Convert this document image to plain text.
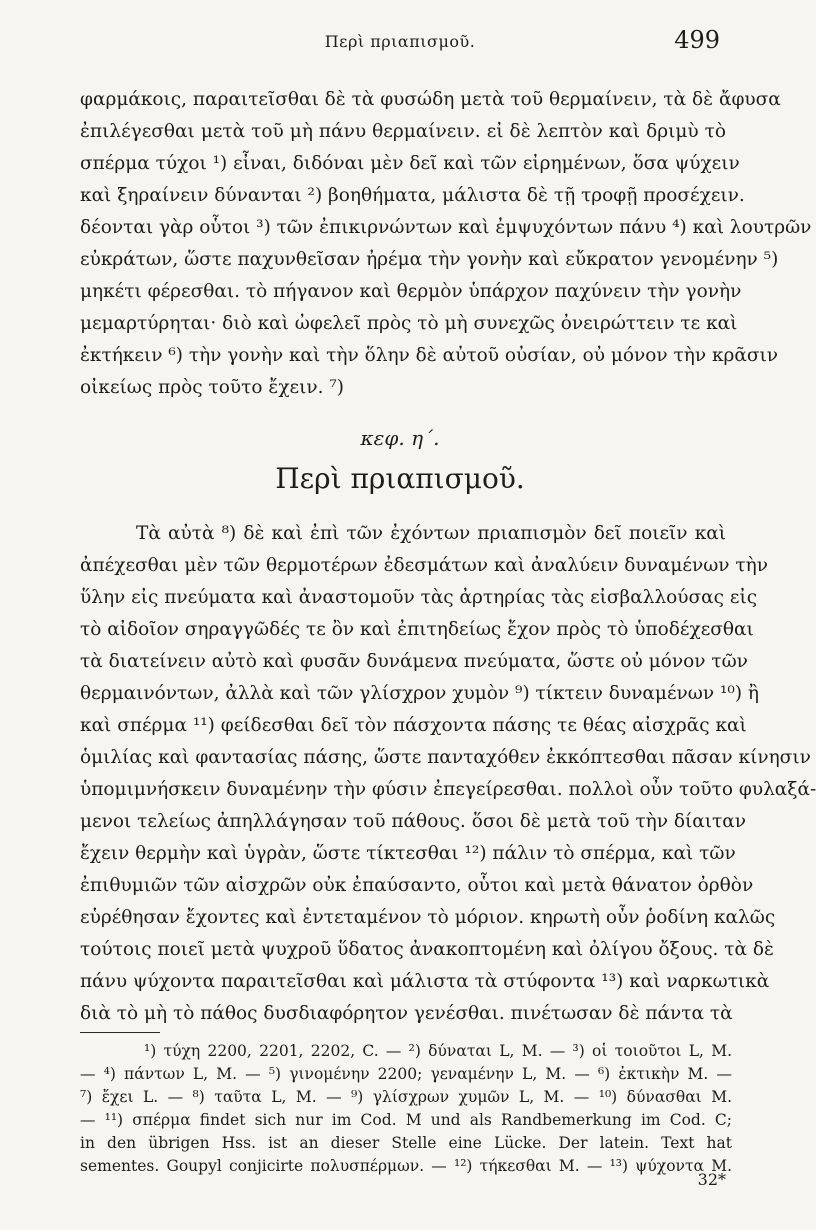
Περὶ πριαπισμοῦ.	499
φαρμάκοις, παραιτεῖσθαι δὲ τὰ φυσώδη μετὰ τοῦ θερμαίνειν, τὰ δὲ ἄφυσα
ἐπιλέγεσθαι μετὰ τοῦ μὴ πάνυ θερμαίνειν. εἰ δὲ λεπτὸν καὶ δριμὺ τὸ
σπέρμα τύχοι ¹) εἶναι, διδόναι μὲν δεῖ καὶ τῶν εἰρημένων, ὅσα ψύχειν
καὶ ξηραίνειν δύνανται ²) βοηθήματα, μάλιστα δὲ τῇ τροφῇ προσέχειν.
δέονται γὰρ οὗτοι ³) τῶν ἐπικιρνώντων καὶ ἐμψυχόντων πάνυ ⁴) καὶ λουτρῶν
εὐκράτων, ὥστε παχυνθεῖσαν ἠρέμα τὴν γονὴν καὶ εὔκρατον γενομένην ⁵)
μηκέτι φέρεσθαι. τὸ πήγανον καὶ θερμὸν ὑπάρχον παχύνειν τὴν γονὴν
μεμαρτύρηται· διὸ καὶ ὠφελεῖ πρὸς τὸ μὴ συνεχῶς ὀνειρώττειν τε καὶ
ἐκτήκειν ⁶) τὴν γονὴν καὶ τὴν ὅλην δὲ αὐτοῦ οὐσίαν, οὐ μόνον τὴν κρᾶσιν
οἰκείως πρὸς τοῦτο ἔχειν. ⁷)
κεφ. η΄.
Περὶ πριαπισμοῦ.
Τὰ αὐτὰ ⁸) δὲ καὶ ἐπὶ τῶν ἐχόντων πριαπισμὸν δεῖ ποιεῖν καὶ
ἀπέχεσθαι μὲν τῶν θερμοτέρων ἐδεσμάτων καὶ ἀναλύειν δυναμένων τὴν
ὕλην εἰς πνεύματα καὶ ἀναστομοῦν τὰς ἀρτηρίας τὰς εἰσβαλλούσας εἰς
τὸ αἰδοῖον σηραγγῶδές τε ὂν καὶ ἐπιτηδείως ἔχον πρὸς τὸ ὑποδέχεσθαι
τὰ διατείνειν αὐτὸ καὶ φυσᾶν δυνάμενα πνεύματα, ὥστε οὐ μόνον τῶν
θερμαινόντων, ἀλλὰ καὶ τῶν γλίσχρον χυμὸν ⁹) τίκτειν δυναμένων ¹⁰) ἢ
καὶ σπέρμα ¹¹) φείδεσθαι δεῖ τὸν πάσχοντα πάσης τε θέας αἰσχρᾶς καὶ
ὁμιλίας καὶ φαντασίας πάσης, ὥστε πανταχόθεν ἐκκόπτεσθαι πᾶσαν κίνησιν
ὑπομιμνήσκειν δυναμένην τὴν φύσιν ἐπεγείρεσθαι. πολλοὶ οὖν τοῦτο φυλαξά-
μενοι τελείως ἀπηλλάγησαν τοῦ πάθους. ὅσοι δὲ μετὰ τοῦ τὴν δίαιταν
ἔχειν θερμὴν καὶ ὑγρὰν, ὥστε τίκτεσθαι ¹²) πάλιν τὸ σπέρμα, καὶ τῶν
ἐπιθυμιῶν τῶν αἰσχρῶν οὐκ ἐπαύσαντο, οὗτοι καὶ μετὰ θάνατον ὀρθὸν
εὑρέθησαν ἔχοντες καὶ ἐντεταμένον τὸ μόριον. κηρωτὴ οὖν ῥοδίνη καλῶς
τούτοις ποιεῖ μετὰ ψυχροῦ ὕδατος ἀνακοπτομένη καὶ ὀλίγου ὄξους. τὰ δὲ
πάνυ ψύχοντα παραιτεῖσθαι καὶ μάλιστα τὰ στύφοντα ¹³) καὶ ναρκωτικὰ
διὰ τὸ μὴ τὸ πάθος δυσδιαφόρητον γενέσθαι. πινέτωσαν δὲ πάντα τὰ
¹) τύχη 2200, 2201, 2202, C. — ²) δύναται L, M. — ³) οἱ τοιοῦτοι L, M.
— ⁴) πάντων L, M. — ⁵) γινομένην 2200; γεναμένην L, M. — ⁶) ἐκτικὴν M. —
⁷) ἔχει L. — ⁸) ταῦτα L, M. — ⁹) γλίσχρων χυμῶν L, M. — ¹⁰) δύνασθαι M.
— ¹¹) σπέρμα findet sich nur im Cod. M und als Randbemerkung im Cod. C;
in den übrigen Hss. ist an dieser Stelle eine Lücke. Der latein. Text hat
sementes. Goupyl conjicirte πολυσπέρμων. — ¹²) τήκεσθαι M. — ¹³) ψύχοντα M.
32*
